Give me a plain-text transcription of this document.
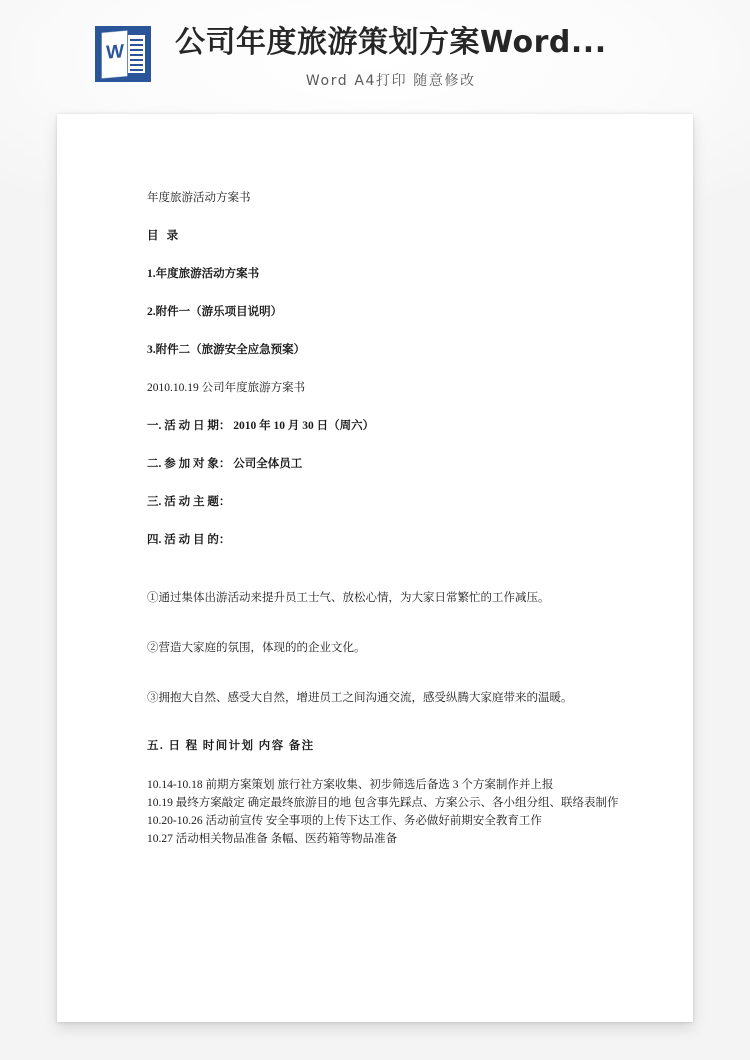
W 公司年度旅游策划方案Word...
Word A4打印 随意修改
年度旅游活动方案书
目 录
1.年度旅游活动方案书
2.附件一（游乐项目说明）
3.附件二（旅游安全应急预案）
2010.10.19 公司年度旅游方案书
一. 活 动 日 期： 2010 年 10 月 30 日（周六）
二. 参 加 对 象： 公司全体员工
三. 活 动 主 题：
四. 活 动 目 的：
①通过集体出游活动来提升员工士气、放松心情，为大家日常繁忙的工作减压。
②营造大家庭的氛围，体现的的企业文化。
③拥抱大自然、感受大自然，增进员工之间沟通交流，感受纵腾大家庭带来的温暖。
五. 日 程 时间计划 内容 备注
10.14-10.18 前期方案策划 旅行社方案收集、初步筛选后备选 3 个方案制作并上报
10.19 最终方案敲定 确定最终旅游目的地 包含事先踩点、方案公示、各小组分组、联络表制作
10.20-10.26 活动前宣传 安全事项的上传下达工作、务必做好前期安全教育工作
10.27 活动相关物品准备 条幅、医药箱等物品准备
